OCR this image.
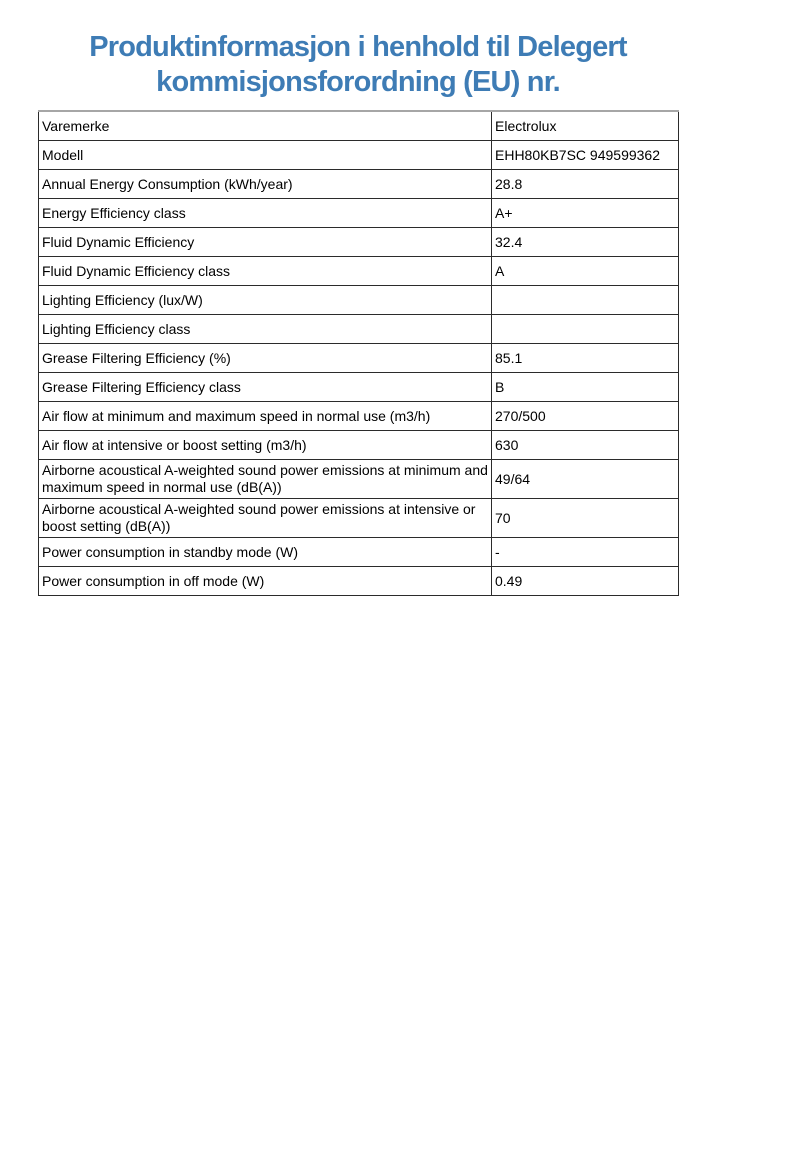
Produktinformasjon i henhold til Delegert
kommisjonsforordning (EU) nr.
Varemerke	Electrolux
Modell	EHH80KB7SC 949599362
Annual Energy Consumption (kWh/year)	28.8
Energy Efficiency class	A+
Fluid Dynamic Efficiency	32.4
Fluid Dynamic Efficiency class	A
Lighting Efficiency (lux/W)	
Lighting Efficiency class	
Grease Filtering Efficiency (%)	85.1
Grease Filtering Efficiency class	B
Air flow at minimum and maximum speed in normal use (m3/h)	270/500
Air flow at intensive or boost setting (m3/h)	630
Airborne acoustical A-weighted sound power emissions at minimum and maximum speed in normal use (dB(A))	49/64
Airborne acoustical A-weighted sound power emissions at intensive or boost setting (dB(A))	70
Power consumption in standby mode (W)	-
Power consumption in off mode (W)	0.49
